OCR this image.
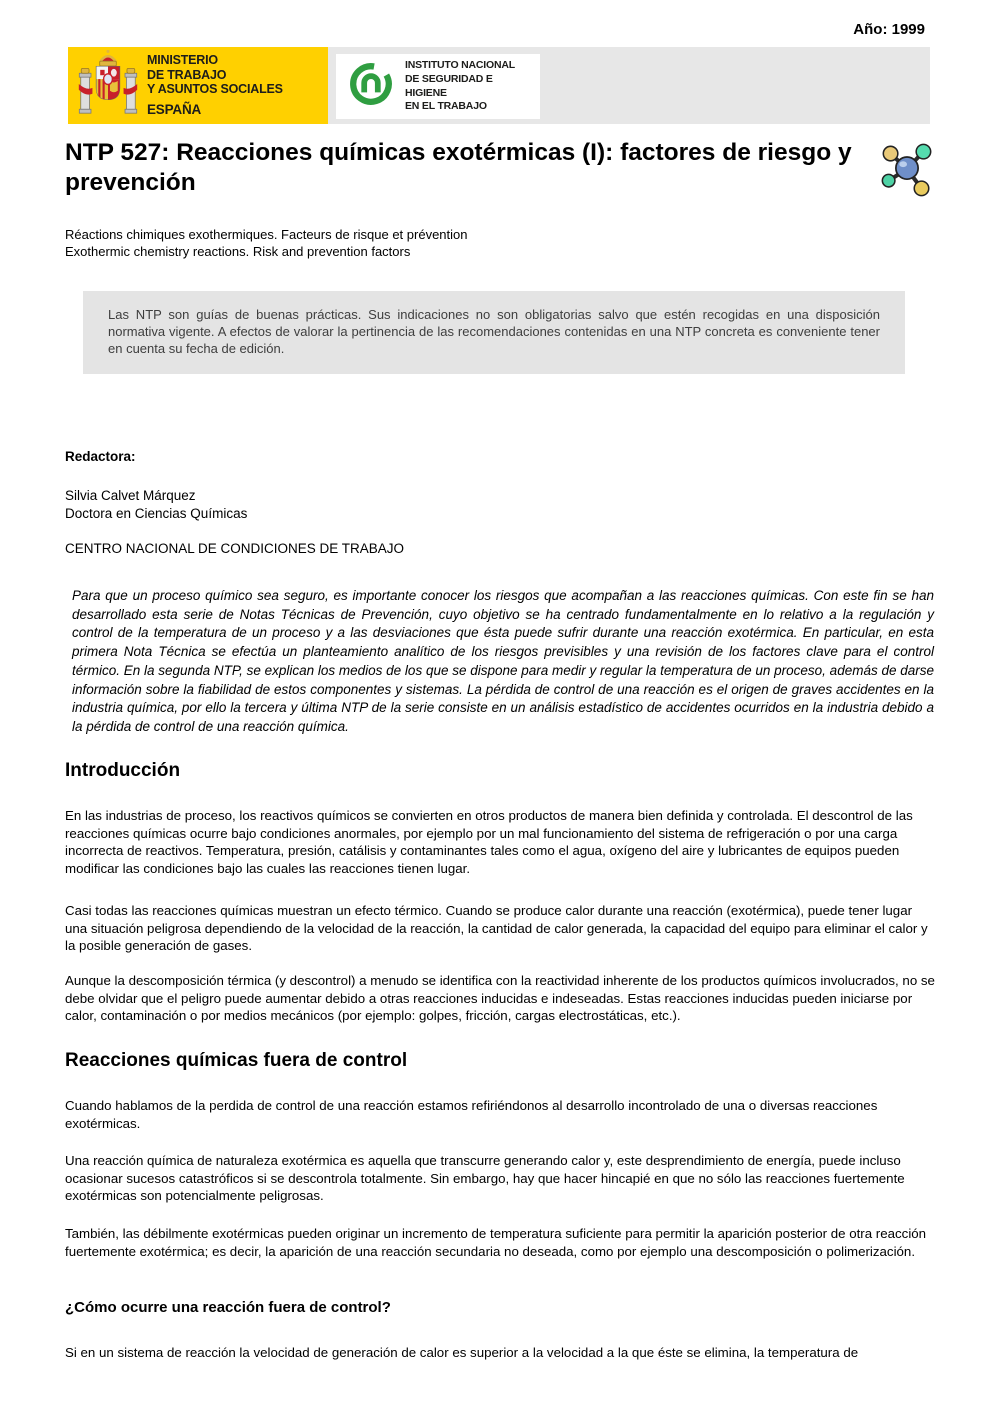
Año: 1999
MINISTERIO
DE TRABAJO
Y ASUNTOS SOCIALES
ESPAÑA
INSTITUTO NACIONAL
DE SEGURIDAD E HIGIENE
EN EL TRABAJO
NTP 527: Reacciones químicas exotérmicas (I): factores de riesgo y prevención
Réactions chimiques exothermiques. Facteurs de risque et prévention
Exothermic chemistry reactions. Risk and prevention factors

Las NTP son guías de buenas prácticas. Sus indicaciones no son obligatorias salvo que estén recogidas en una disposición normativa vigente. A efectos de valorar la pertinencia de las recomendaciones contenidas en una NTP concreta es conveniente tener en cuenta su fecha de edición.

Redactora:
Silvia Calvet Márquez
Doctora en Ciencias Químicas
CENTRO NACIONAL DE CONDICIONES DE TRABAJO

Para que un proceso químico sea seguro, es importante conocer los riesgos que acompañan a las reacciones químicas. Con este fin se han desarrollado esta serie de Notas Técnicas de Prevención, cuyo objetivo se ha centrado fundamentalmente en lo relativo a la regulación y control de la temperatura de un proceso y a las desviaciones que ésta puede sufrir durante una reacción exotérmica. En particular, en esta primera Nota Técnica se efectúa un planteamiento analítico de los riesgos previsibles y una revisión de los factores clave para el control térmico. En la segunda NTP, se explican los medios de los que se dispone para medir y regular la temperatura de un proceso, además de darse información sobre la fiabilidad de estos componentes y sistemas. La pérdida de control de una reacción es el origen de graves accidentes en la industria química, por ello la tercera y última NTP de la serie consiste en un análisis estadístico de accidentes ocurridos en la industria debido a la pérdida de control de una reacción química.

Introducción

En las industrias de proceso, los reactivos químicos se convierten en otros productos de manera bien definida y controlada. El descontrol de las reacciones químicas ocurre bajo condiciones anormales, por ejemplo por un mal funcionamiento del sistema de refrigeración o por una carga incorrecta de reactivos. Temperatura, presión, catálisis y contaminantes tales como el agua, oxígeno del aire y lubricantes de equipos pueden modificar las condiciones bajo las cuales las reacciones tienen lugar.

Casi todas las reacciones químicas muestran un efecto térmico. Cuando se produce calor durante una reacción (exotérmica), puede tener lugar una situación peligrosa dependiendo de la velocidad de la reacción, la cantidad de calor generada, la capacidad del equipo para eliminar el calor y la posible generación de gases.

Aunque la descomposición térmica (y descontrol) a menudo se identifica con la reactividad inherente de los productos químicos involucrados, no se debe olvidar que el peligro puede aumentar debido a otras reacciones inducidas e indeseadas. Estas reacciones inducidas pueden iniciarse por calor, contaminación o por medios mecánicos (por ejemplo: golpes, fricción, cargas electrostáticas, etc.).

Reacciones químicas fuera de control

Cuando hablamos de la perdida de control de una reacción estamos refiriéndonos al desarrollo incontrolado de una o diversas reacciones exotérmicas.

Una reacción química de naturaleza exotérmica es aquella que transcurre generando calor y, este desprendimiento de energía, puede incluso ocasionar sucesos catastróficos si se descontrola totalmente. Sin embargo, hay que hacer hincapié en que no sólo las reacciones fuertemente exotérmicas son potencialmente peligrosas.

También, las débilmente exotérmicas pueden originar un incremento de temperatura suficiente para permitir la aparición posterior de otra reacción fuertemente exotérmica; es decir, la aparición de una reacción secundaria no deseada, como por ejemplo una descomposición o polimerización.

¿Cómo ocurre una reacción fuera de control?

Si en un sistema de reacción la velocidad de generación de calor es superior a la velocidad a la que éste se elimina, la temperatura de
